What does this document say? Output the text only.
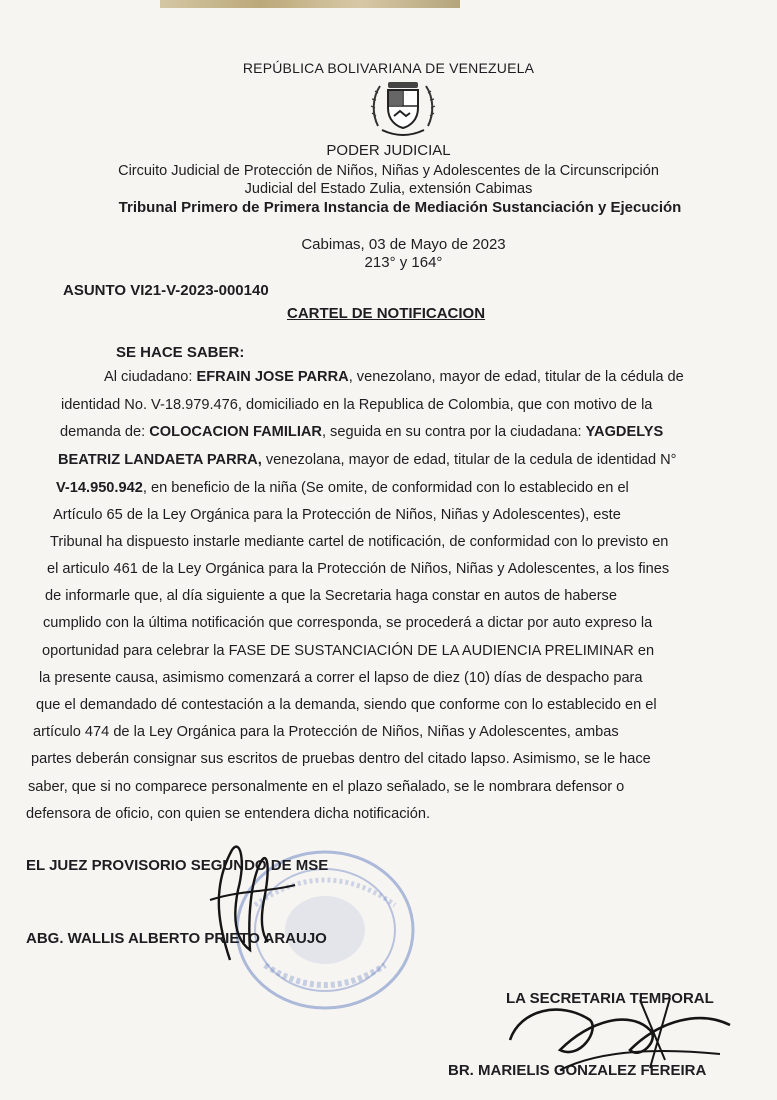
REPÚBLICA BOLIVARIANA DE VENEZUELA
PODER JUDICIAL
Circuito Judicial de Protección de Niños, Niñas y Adolescentes de la Circunscripción
Judicial del Estado Zulia, extensión Cabimas
Tribunal Primero de Primera Instancia de Mediación Sustanciación y Ejecución
Cabimas, 03 de Mayo de 2023
213° y 164°
ASUNTO VI21-V-2023-000140
CARTEL DE NOTIFICACION
SE HACE SABER:
Al ciudadano: EFRAIN JOSE PARRA, venezolano, mayor de edad, titular de la cédula de
identidad No. V-18.979.476, domiciliado en la Republica de Colombia, que con motivo de la
demanda de: COLOCACION FAMILIAR, seguida en su contra por la ciudadana: YAGDELYS
BEATRIZ LANDAETA PARRA, venezolana, mayor de edad, titular de la cedula de identidad N°
V-14.950.942, en beneficio de la niña (Se omite, de conformidad con lo establecido en el
Artículo 65 de la Ley Orgánica para la Protección de Niños, Niñas y Adolescentes), este
Tribunal ha dispuesto instarle mediante cartel de notificación, de conformidad con lo previsto en
el articulo 461 de la Ley Orgánica para la Protección de Niños, Niñas y Adolescentes, a los fines
de informarle que, al día siguiente a que la Secretaria haga constar en autos de haberse
cumplido con la última notificación que corresponda, se procederá a dictar por auto expreso la
oportunidad para celebrar la FASE DE SUSTANCIACIÓN DE LA AUDIENCIA PRELIMINAR en
la presente causa, asimismo comenzará a correr el lapso de diez (10) días de despacho para
que el demandado dé contestación a la demanda, siendo que conforme con lo establecido en el
artículo 474 de la Ley Orgánica para la Protección de Niños, Niñas y Adolescentes, ambas
partes deberán consignar sus escritos de pruebas dentro del citado lapso. Asimismo, se le hace
saber, que si no comparece personalmente en el plazo señalado, se le nombrara defensor o
defensora de oficio, con quien se entendera dicha notificación.
EL JUEZ PROVISORIO SEGUNDO DE MSE
ABG. WALLIS ALBERTO PRIETO ARAUJO
LA SECRETARIA TEMPORAL
BR. MARIELIS GONZALEZ FEREIRA
